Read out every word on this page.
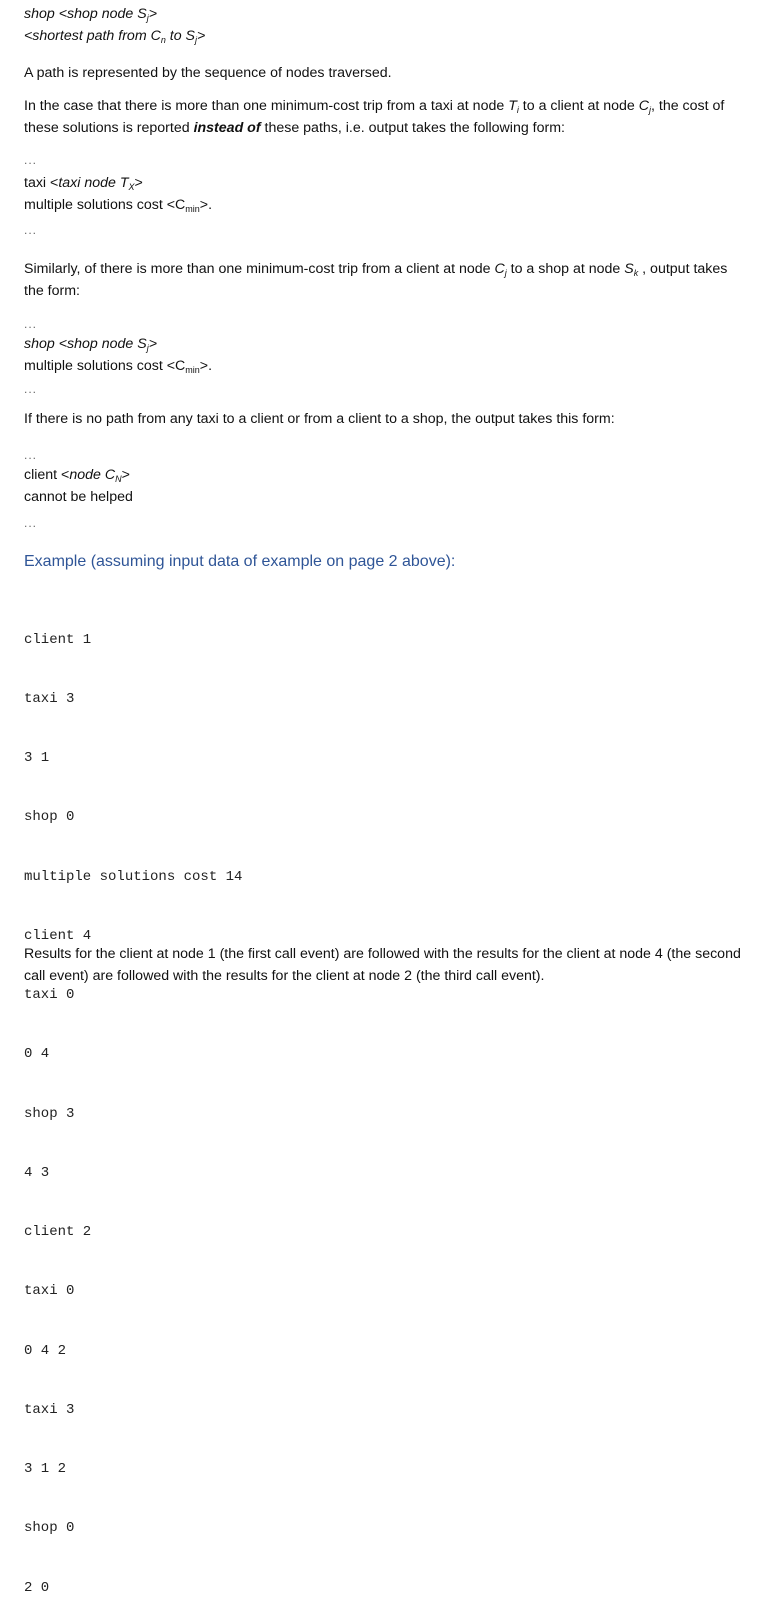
shop <shop node $S_j>$
<shortest path from $C_n$ to $S_j>$
A path is represented by the sequence of nodes traversed.
In the case that there is more than one minimum-cost trip from a taxi at node $T_i$ to a client at node $C_j$, the cost of these solutions is reported instead of these paths, i.e. output takes the following form:
...
taxi <taxi node $T_X>$
multiple solutions $\cos t <C_{min}>$.
...
Similarly, of there is more than one minimum-cost trip from a client at node $C_j$ to a shop at node $S_k$ , output takes the form:
...
shop <shop node $S_j>$
multiple solutions $\cos t <C_{min}>$.
...
If there is no path from any taxi to a client or from a client to a shop, the output takes this form:
...
client <node $C_N>$
cannot be helped
...
Example (assuming input data of example on page 2 above):

client 1

taxi 3

3 1

shop 0

multiple solutions cost 14

client 4

taxi 0

0 4

shop 3

4 3

client 2

taxi 0

0 4 2

taxi 3

3 1 2

shop 0

2 0

Results for the client at node 1 (the first call event) are followed with the results for the client at node 4 (the second call event) are followed with the results for the client at node 2 (the third call event).
